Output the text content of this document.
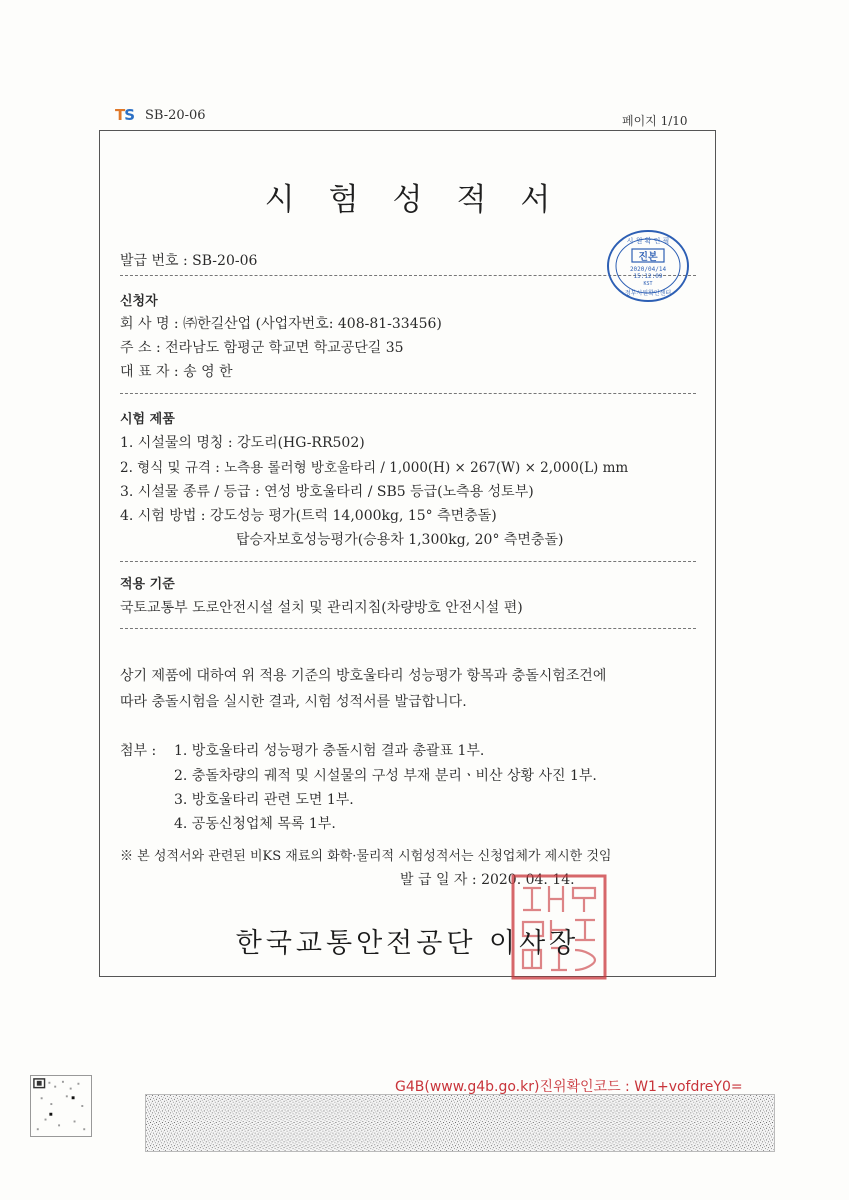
TS SB-20-06	페이지 1/10
시험성적서
발급 번호 : SB-20-06
시 원 확 인 필
진본
2020/04/14
15:12:09
KST
정부시원확인센터
신청자
회 사 명 : ㈜한길산업 (사업자번호: 408-81-33456)
주 소 : 전라남도 함평군 학교면 학교공단길 35
대 표 자 : 송 영 한
시험 제품
1. 시설물의 명칭 : 강도리(HG-RR502)
2. 형식 및 규격 : 노측용 롤러형 방호울타리 / 1,000(H) × 267(W) × 2,000(L) mm
3. 시설물 종류 / 등급 : 연성 방호울타리 / SB5 등급(노측용 성토부)
4. 시험 방법 : 강도성능 평가(트럭 14,000kg, 15° 측면충돌)
탑승자보호성능평가(승용차 1,300kg, 20° 측면충돌)
적용 기준
국토교통부 도로안전시설 설치 및 관리지침(차량방호 안전시설 편)
상기 제품에 대하여 위 적용 기준의 방호울타리 성능평가 항목과 충돌시험조건에
따라 충돌시험을 실시한 결과, 시험 성적서를 발급합니다.
첨부 : 1. 방호울타리 성능평가 충돌시험 결과 총괄표 1부.
2. 충돌차량의 궤적 및 시설물의 구성 부재 분리ㆍ비산 상황 사진 1부.
3. 방호울타리 관련 도면 1부.
4. 공동신청업체 목록 1부.
※ 본 성적서와 관련된 비KS 재료의 화학·물리적 시험성적서는 신청업체가 제시한 것임
발 급 일 자 : 2020. 04. 14.
한국교통안전공단 이사장
G4B(www.g4b.go.kr)진위확인코드 : W1+vofdreY0=
